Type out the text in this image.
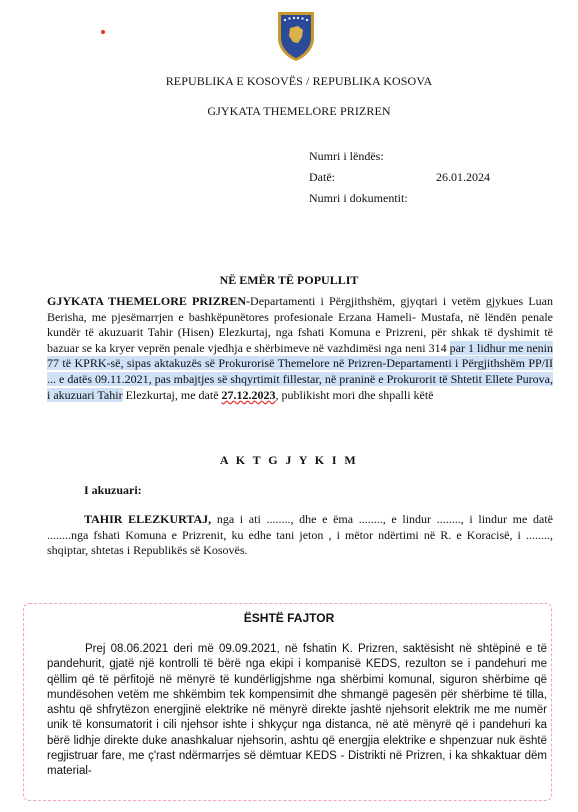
REPUBLIKA E KOSOVËS / REPUBLIKA KOSOVA
GJYKATA THEMELORE PRIZREN
Numri i lëndës:
Datë:	26.01.2024
Numri i dokumentit:
NË EMËR TË POPULLIT

GJYKATA THEMELORE PRIZREN-Departamenti i Përgjithshëm, gjyqtari i vetëm gjykues Luan Berisha, me pjesëmarrjen e bashkëpunëtores profesionale Erzana Hameli- Mustafa, në lëndën penale kundër të akuzuarit Tahir (Hisen) Elezkurtaj, nga fshati Komuna e Prizreni, për shkak të dyshimit të bazuar se ka kryer veprën penale vjedhja e shërbimeve në vazhdimësi nga neni 314 par 1 lidhur me nenin 77 të KPRK-së, sipas aktakuzës së Prokurorisë Themelore në Prizren-Departamenti i Përgjithshëm PP/II ... e datës 09.11.2021, pas mbajtjes së shqyrtimit fillestar, në praninë e Prokurorit të Shtetit Ellete Purova, i akuzuari Tahir Elezkurtaj, me datë 27.12.2023, publikisht mori dhe shpalli këtë

A K T G J Y K I M
I akuzuari:

TAHIR ELEZKURTAJ, nga i ati ........, dhe e ëma ........, e lindur ........, i lindur me datë ........nga fshati Komuna e Prizrenit, ku edhe tani jeton , i mëtor ndërtimi në R. e Koracisë, i ........, shqiptar, shtetas i Republikës së Kosovës.

ËSHTË FAJTOR

Prej 08.06.2021 deri më 09.09.2021, në fshatin K. Prizren, saktësisht në shtëpinë e të pandehurit, gjatë një kontrolli të bërë nga ekipi i kompanisë KEDS, rezulton se i pandehuri me qëllim që të përfitojë në mënyrë të kundërligjshme nga shërbimi komunal, siguron shërbime që mundësohen vetëm me shkëmbim tek kompensimit dhe shmangë pagesën për shërbime të tilla, ashtu që shfrytëzon energjinë elektrike në mënyrë direkte jashtë njehsorit elektrik me me numër unik të konsumatorit i cili njehsor ishte i shkyçur nga distanca, në atë mënyrë që i pandehuri ka bërë lidhje direkte duke anashkaluar njehsorin, ashtu që energjia elektrike e shpenzuar nuk është regjistruar fare, me ç'rast ndërmarrjes së dëmtuar KEDS - Distrikti në Prizren, i ka shkaktuar dëm material-
